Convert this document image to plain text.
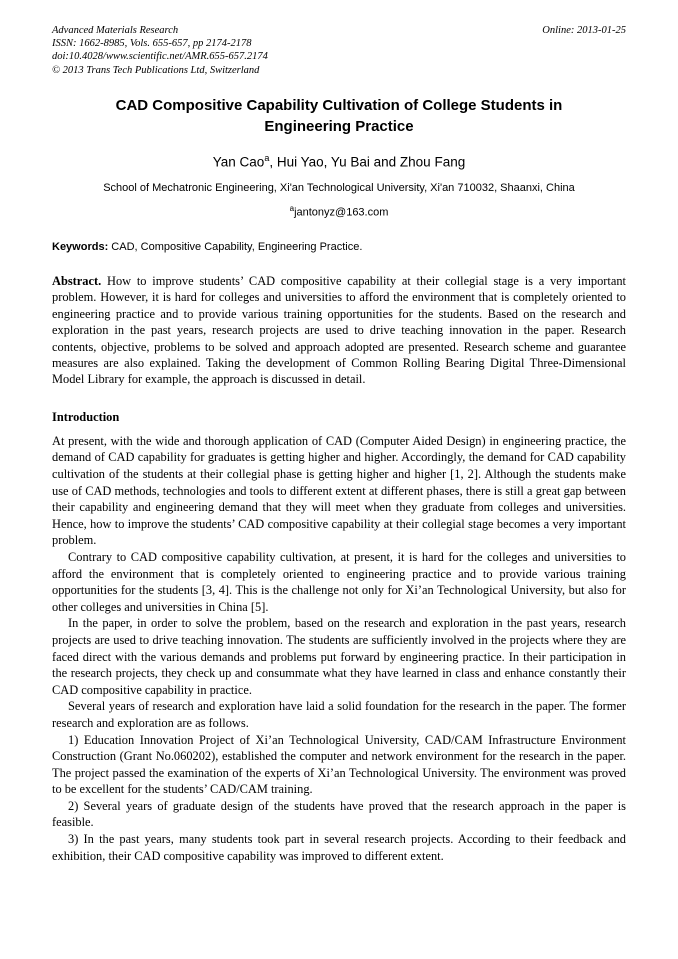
Advanced Materials Research
ISSN: 1662-8985, Vols. 655-657, pp 2174-2178
doi:10.4028/www.scientific.net/AMR.655-657.2174
© 2013 Trans Tech Publications Ltd, Switzerland
Online: 2013-01-25
CAD Compositive Capability Cultivation of College Students in Engineering Practice
Yan Cao$^a$, Hui Yao, Yu Bai and Zhou Fang
School of Mechatronic Engineering, Xi'an Technological University, Xi'an 710032, Shaanxi, China
$^a$jantonyz@163.com
Keywords: CAD, Compositive Capability, Engineering Practice.
Abstract. How to improve students’ CAD compositive capability at their collegial stage is a very important problem. However, it is hard for colleges and universities to afford the environment that is completely oriented to engineering practice and to provide various training opportunities for the students. Based on the research and exploration in the past years, research projects are used to drive teaching innovation in the paper. Research contents, objective, problems to be solved and approach adopted are presented. Research scheme and guarantee measures are also explained. Taking the development of Common Rolling Bearing Digital Three-Dimensional Model Library for example, the approach is discussed in detail.
Introduction

At present, with the wide and thorough application of CAD (Computer Aided Design) in engineering practice, the demand of CAD capability for graduates is getting higher and higher. Accordingly, the demand for CAD capability cultivation of the students at their collegial phase is getting higher and higher [1, 2]. Although the students make use of CAD methods, technologies and tools to different extent at different phases, there is still a great gap between their capability and engineering demand that they will meet when they graduate from colleges and universities. Hence, how to improve the students’ CAD compositive capability at their collegial stage becomes a very important problem.

Contrary to CAD compositive capability cultivation, at present, it is hard for the colleges and universities to afford the environment that is completely oriented to engineering practice and to provide various training opportunities for the students [3, 4]. This is the challenge not only for Xi’an Technological University, but also for other colleges and universities in China [5].

In the paper, in order to solve the problem, based on the research and exploration in the past years, research projects are used to drive teaching innovation. The students are sufficiently involved in the projects where they are faced direct with the various demands and problems put forward by engineering practice. In their participation in the research projects, they check up and consummate what they have learned in class and enhance constantly their CAD compositive capability in practice.

Several years of research and exploration have laid a solid foundation for the research in the paper. The former research and exploration are as follows.

1) Education Innovation Project of Xi’an Technological University, CAD/CAM Infrastructure Environment Construction (Grant No.060202), established the computer and network environment for the research in the paper. The project passed the examination of the experts of Xi’an Technological University. The environment was proved to be excellent for the students’ CAD/CAM training.

2) Several years of graduate design of the students have proved that the research approach in the paper is feasible.

3) In the past years, many students took part in several research projects. According to their feedback and exhibition, their CAD compositive capability was improved to different extent.
